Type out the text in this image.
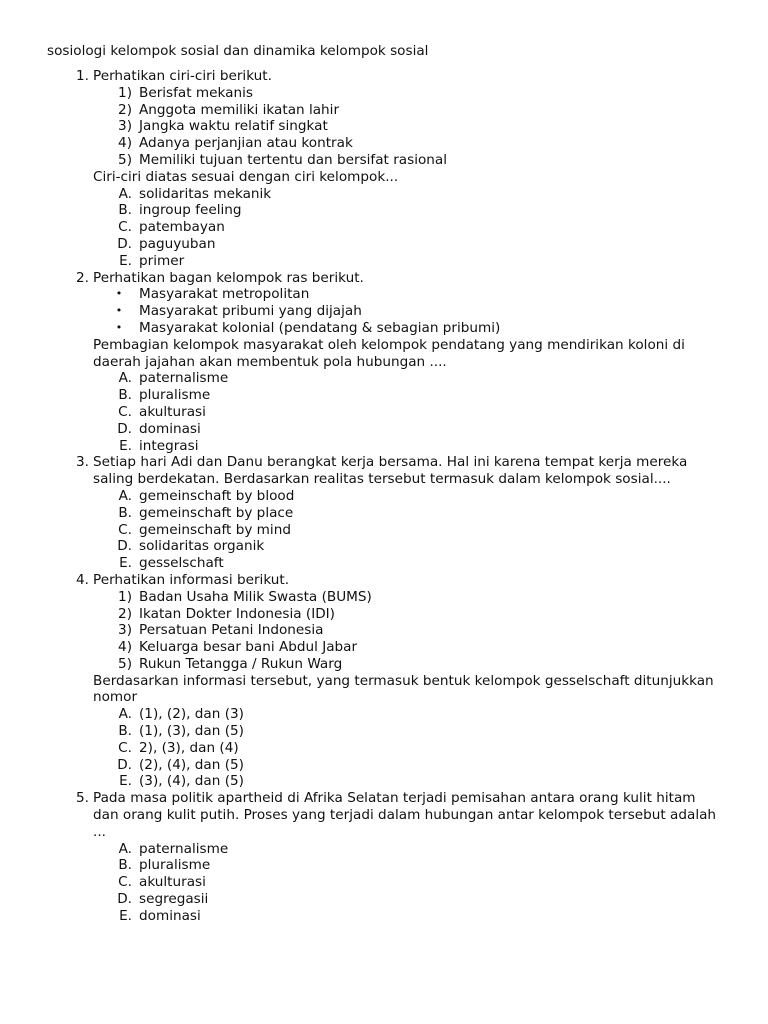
sosiologi kelompok sosial dan dinamika kelompok sosial
1. Perhatikan ciri-ciri berikut.
1) Berisfat mekanis
2) Anggota memiliki ikatan lahir
3) Jangka waktu relatif singkat
4) Adanya perjanjian atau kontrak
5) Memiliki tujuan tertentu dan bersifat rasional
Ciri-ciri diatas sesuai dengan ciri kelompok...
A. solidaritas mekanik
B. ingroup feeling
C. patembayan
D. paguyuban
E. primer
2. Perhatikan bagan kelompok ras berikut.
• Masyarakat metropolitan
• Masyarakat pribumi yang dijajah
• Masyarakat kolonial (pendatang & sebagian pribumi)
Pembagian kelompok masyarakat oleh kelompok pendatang yang mendirikan koloni di daerah jajahan akan membentuk pola hubungan ....
A. paternalisme
B. pluralisme
C. akulturasi
D. dominasi
E. integrasi
3. Setiap hari Adi dan Danu berangkat kerja bersama. Hal ini karena tempat kerja mereka saling berdekatan. Berdasarkan realitas tersebut termasuk dalam kelompok sosial....
A. gemeinschaft by blood
B. gemeinschaft by place
C. gemeinschaft by mind
D. solidaritas organik
E. gesselschaft
4. Perhatikan informasi berikut.
1) Badan Usaha Milik Swasta (BUMS)
2) Ikatan Dokter Indonesia (IDI)
3) Persatuan Petani Indonesia
4) Keluarga besar bani Abdul Jabar
5) Rukun Tetangga / Rukun Warg
Berdasarkan informasi tersebut, yang termasuk bentuk kelompok gesselschaft ditunjukkan nomor
A. (1), (2), dan (3)
B. (1), (3), dan (5)
C. 2), (3), dan (4)
D. (2), (4), dan (5)
E. (3), (4), dan (5)
5. Pada masa politik apartheid di Afrika Selatan terjadi pemisahan antara orang kulit hitam dan orang kulit putih. Proses yang terjadi dalam hubungan antar kelompok tersebut adalah ...
A. paternalisme
B. pluralisme
C. akulturasi
D. segregasii
E. dominasi
